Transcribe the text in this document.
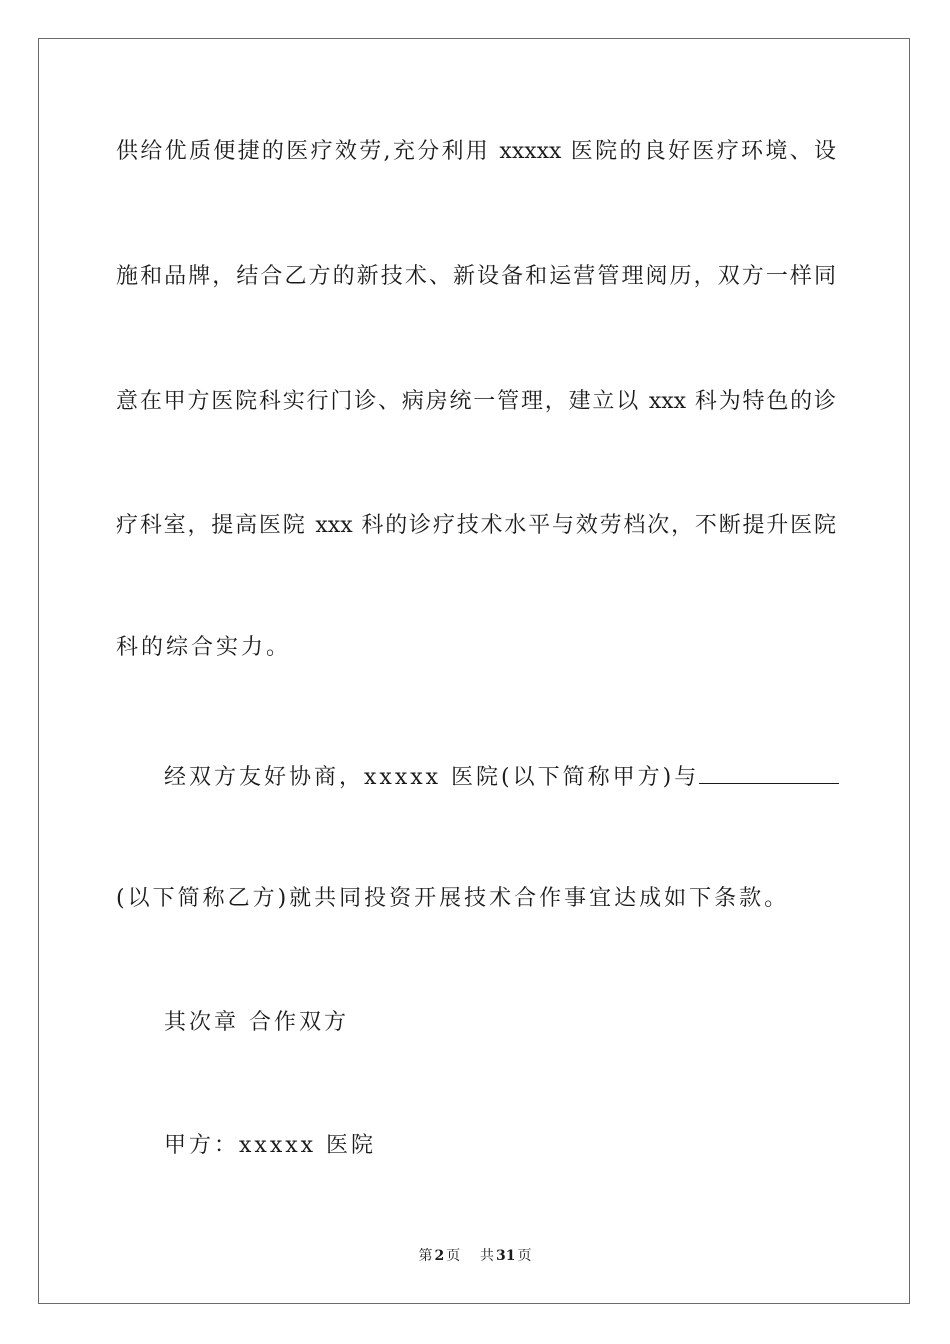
供给优质便捷的医疗效劳,充分利用 xxxxx 医院的良好医疗环境、设
施和品牌，结合乙方的新技术、新设备和运营管理阅历，双方一样同
意在甲方医院科实行门诊、病房统一管理，建立以 xxx 科为特色的诊
疗科室，提高医院 xxx 科的诊疗技术水平与效劳档次，不断提升医院
科的综合实力。
经双方友好协商，xxxxx 医院(以下简称甲方)与
(以下简称乙方)就共同投资开展技术合作事宜达成如下条款。
其次章 合作双方
甲方：xxxxx 医院
第 2 页 共 31 页
